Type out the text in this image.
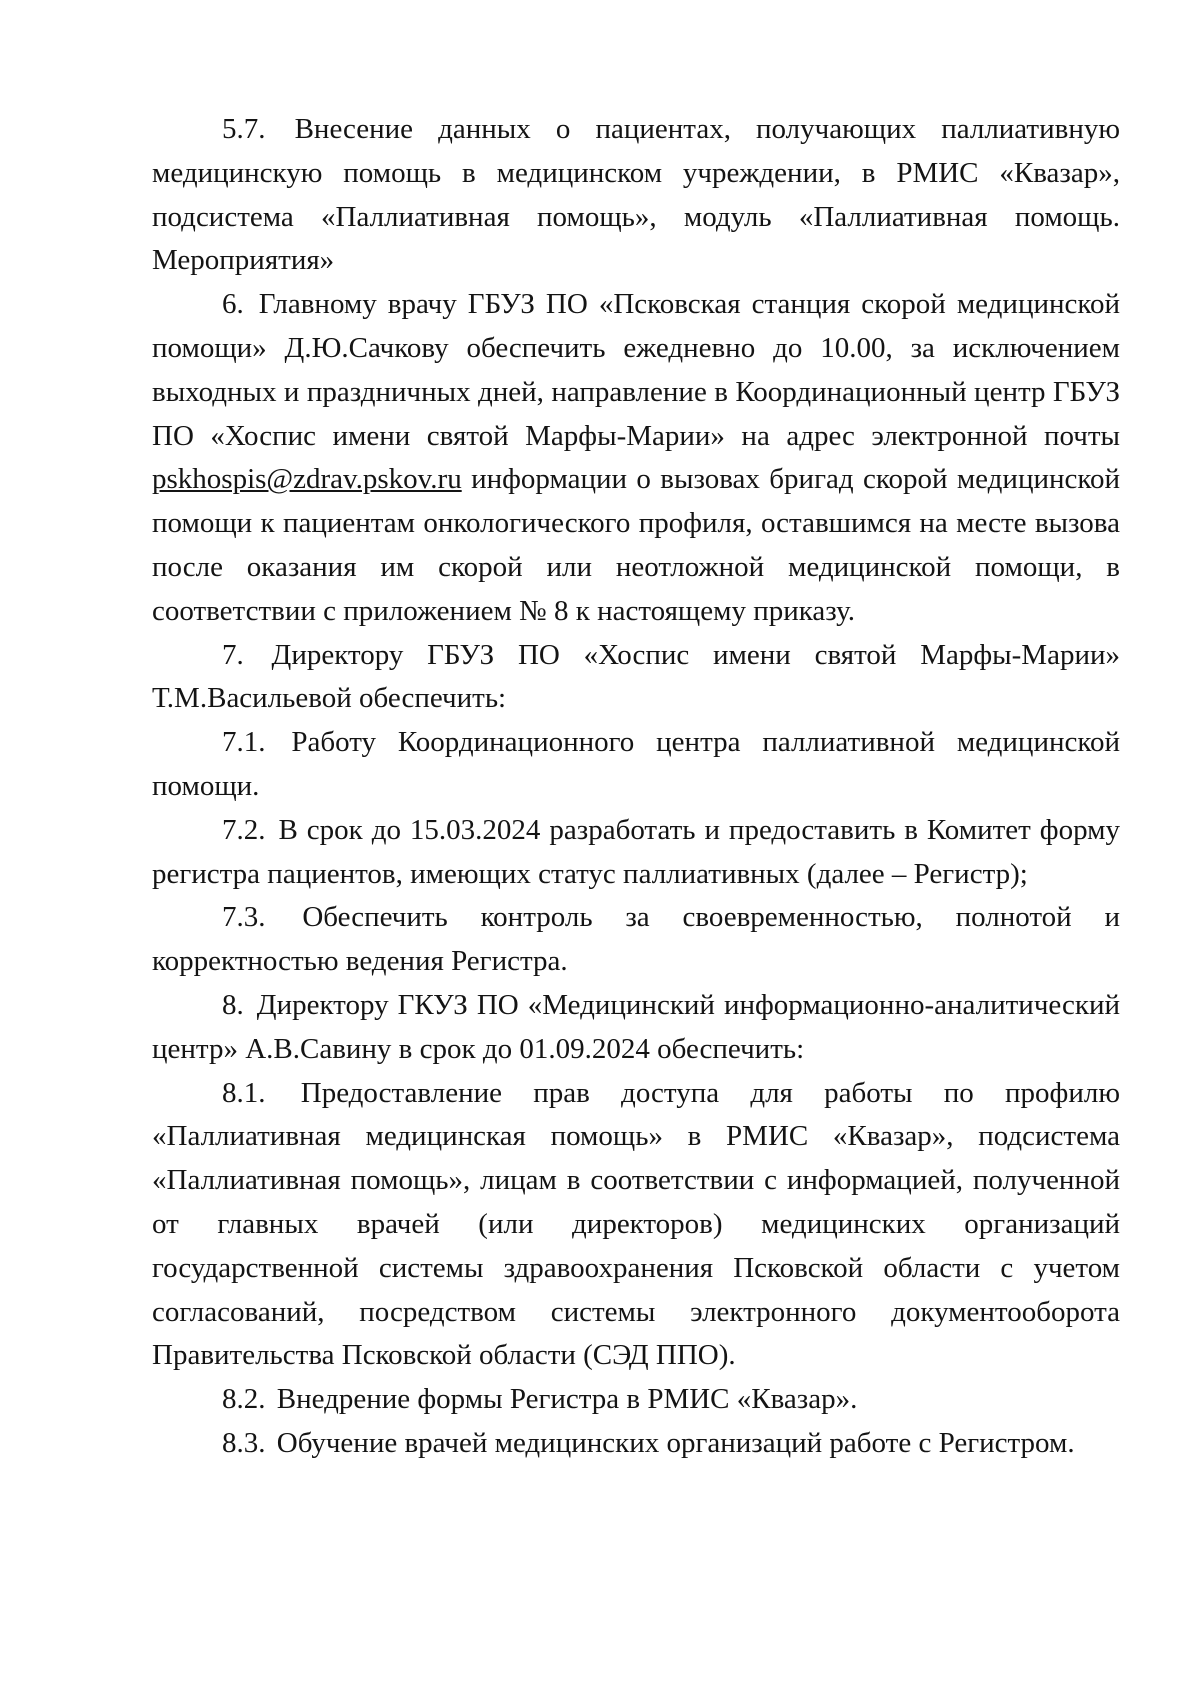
5.7. Внесение данных о пациентах, получающих паллиативную медицинскую помощь в медицинском учреждении, в РМИС «Квазар», подсистема «Паллиативная помощь», модуль «Паллиативная помощь. Мероприятия»

6. Главному врачу ГБУЗ ПО «Псковская станция скорой медицинской помощи» Д.Ю.Сачкову обеспечить ежедневно до 10.00, за исключением выходных и праздничных дней, направление в Координационный центр ГБУЗ ПО «Хоспис имени святой Марфы-Марии» на адрес электронной почты pskhospis@zdrav.pskov.ru информации о вызовах бригад скорой медицинской помощи к пациентам онкологического профиля, оставшимся на месте вызова после оказания им скорой или неотложной медицинской помощи, в соответствии с приложением № 8 к настоящему приказу.

7. Директору ГБУЗ ПО «Хоспис имени святой Марфы-Марии» Т.М.Васильевой обеспечить:

7.1. Работу Координационного центра паллиативной медицинской помощи.

7.2. В срок до 15.03.2024 разработать и предоставить в Комитет форму регистра пациентов, имеющих статус паллиативных (далее – Регистр);

7.3. Обеспечить контроль за своевременностью, полнотой и корректностью ведения Регистра.

8. Директору ГКУЗ ПО «Медицинский информационно-аналитический центр» А.В.Савину в срок до 01.09.2024 обеспечить:

8.1. Предоставление прав доступа для работы по профилю «Паллиативная медицинская помощь» в РМИС «Квазар», подсистема «Паллиативная помощь», лицам в соответствии с информацией, полученной от главных врачей (или директоров) медицинских организаций государственной системы здравоохранения Псковской области с учетом согласований, посредством системы электронного документооборота Правительства Псковской области (СЭД ППО).

8.2. Внедрение формы Регистра в РМИС «Квазар».

8.3. Обучение врачей медицинских организаций работе с Регистром.
